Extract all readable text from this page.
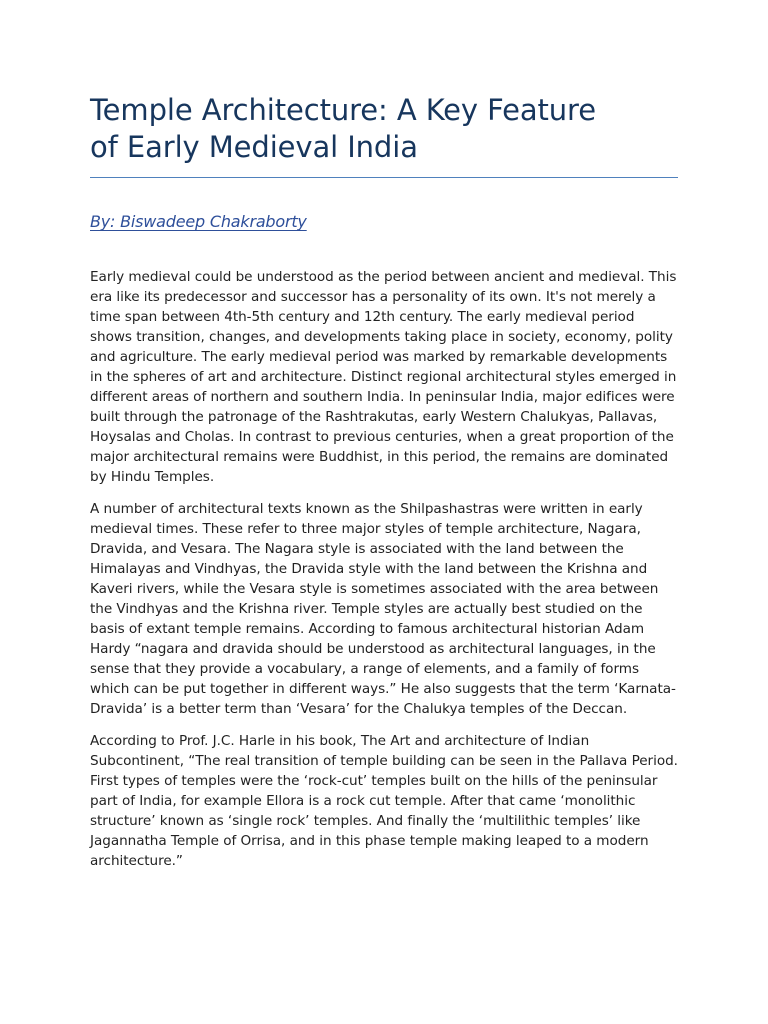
Temple Architecture: A Key Feature
of Early Medieval India

By: Biswadeep Chakraborty

Early medieval could be understood as the period between ancient and medieval. This era like its predecessor and successor has a personality of its own. It's not merely a time span between 4th-5th century and 12th century. The early medieval period shows transition, changes, and developments taking place in society, economy, polity and agriculture. The early medieval period was marked by remarkable developments in the spheres of art and architecture. Distinct regional architectural styles emerged in different areas of northern and southern India. In peninsular India, major edifices were built through the patronage of the Rashtrakutas, early Western Chalukyas, Pallavas, Hoysalas and Cholas. In contrast to previous centuries, when a great proportion of the major architectural remains were Buddhist, in this period, the remains are dominated by Hindu Temples.

A number of architectural texts known as the Shilpashastras were written in early medieval times. These refer to three major styles of temple architecture, Nagara, Dravida, and Vesara. The Nagara style is associated with the land between the Himalayas and Vindhyas, the Dravida style with the land between the Krishna and Kaveri rivers, while the Vesara style is sometimes associated with the area between the Vindhyas and the Krishna river. Temple styles are actually best studied on the basis of extant temple remains. According to famous architectural historian Adam Hardy “nagara and dravida should be understood as architectural languages, in the sense that they provide a vocabulary, a range of elements, and a family of forms which can be put together in different ways.” He also suggests that the term ‘Karnata-Dravida’ is a better term than ‘Vesara’ for the Chalukya temples of the Deccan.

According to Prof. J.C. Harle in his book, The Art and architecture of Indian Subcontinent, “The real transition of temple building can be seen in the Pallava Period. First types of temples were the ‘rock-cut’ temples built on the hills of the peninsular part of India, for example Ellora is a rock cut temple. After that came ‘monolithic structure’ known as ‘single rock’ temples. And finally the ‘multilithic temples’ like Jagannatha Temple of Orrisa, and in this phase temple making leaped to a modern architecture.”
